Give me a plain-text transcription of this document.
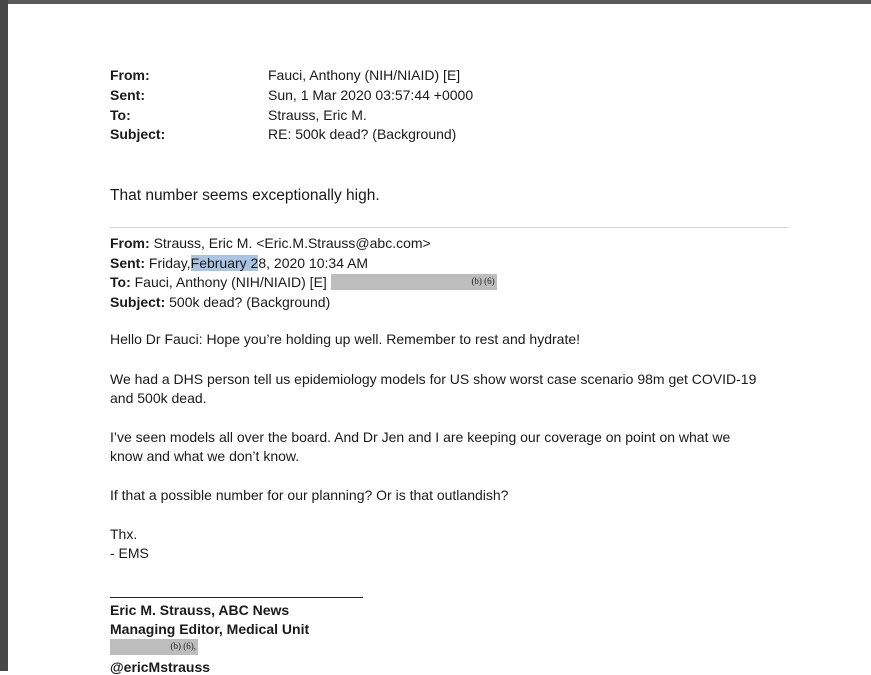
From:	Fauci, Anthony (NIH/NIAID) [E]
Sent:	Sun, 1 Mar 2020 03:57:44 +0000
To:	Strauss, Eric M.
Subject:	RE: 500k dead? (Background)
That number seems exceptionally high.
From: Strauss, Eric M. <Eric.M.Strauss@abc.com>
Sent: Friday,February 28, 2020 10:34 AM
To: Fauci, Anthony (NIH/NIAID) [E]	(b) (6)
Subject: 500k dead? (Background)
Hello Dr Fauci: Hope you’re holding up well. Remember to rest and hydrate!
We had a DHS person tell us epidemiology models for US show worst case scenario 98m get COVID-19
and 500k dead.
I’ve seen models all over the board. And Dr Jen and I are keeping our coverage on point on what we
know and what we don’t know.
If that a possible number for our planning? Or is that outlandish?
Thx.
- EMS
Eric M. Strauss, ABC News
Managing Editor, Medical Unit
(b) (6),
@ericMstrauss
